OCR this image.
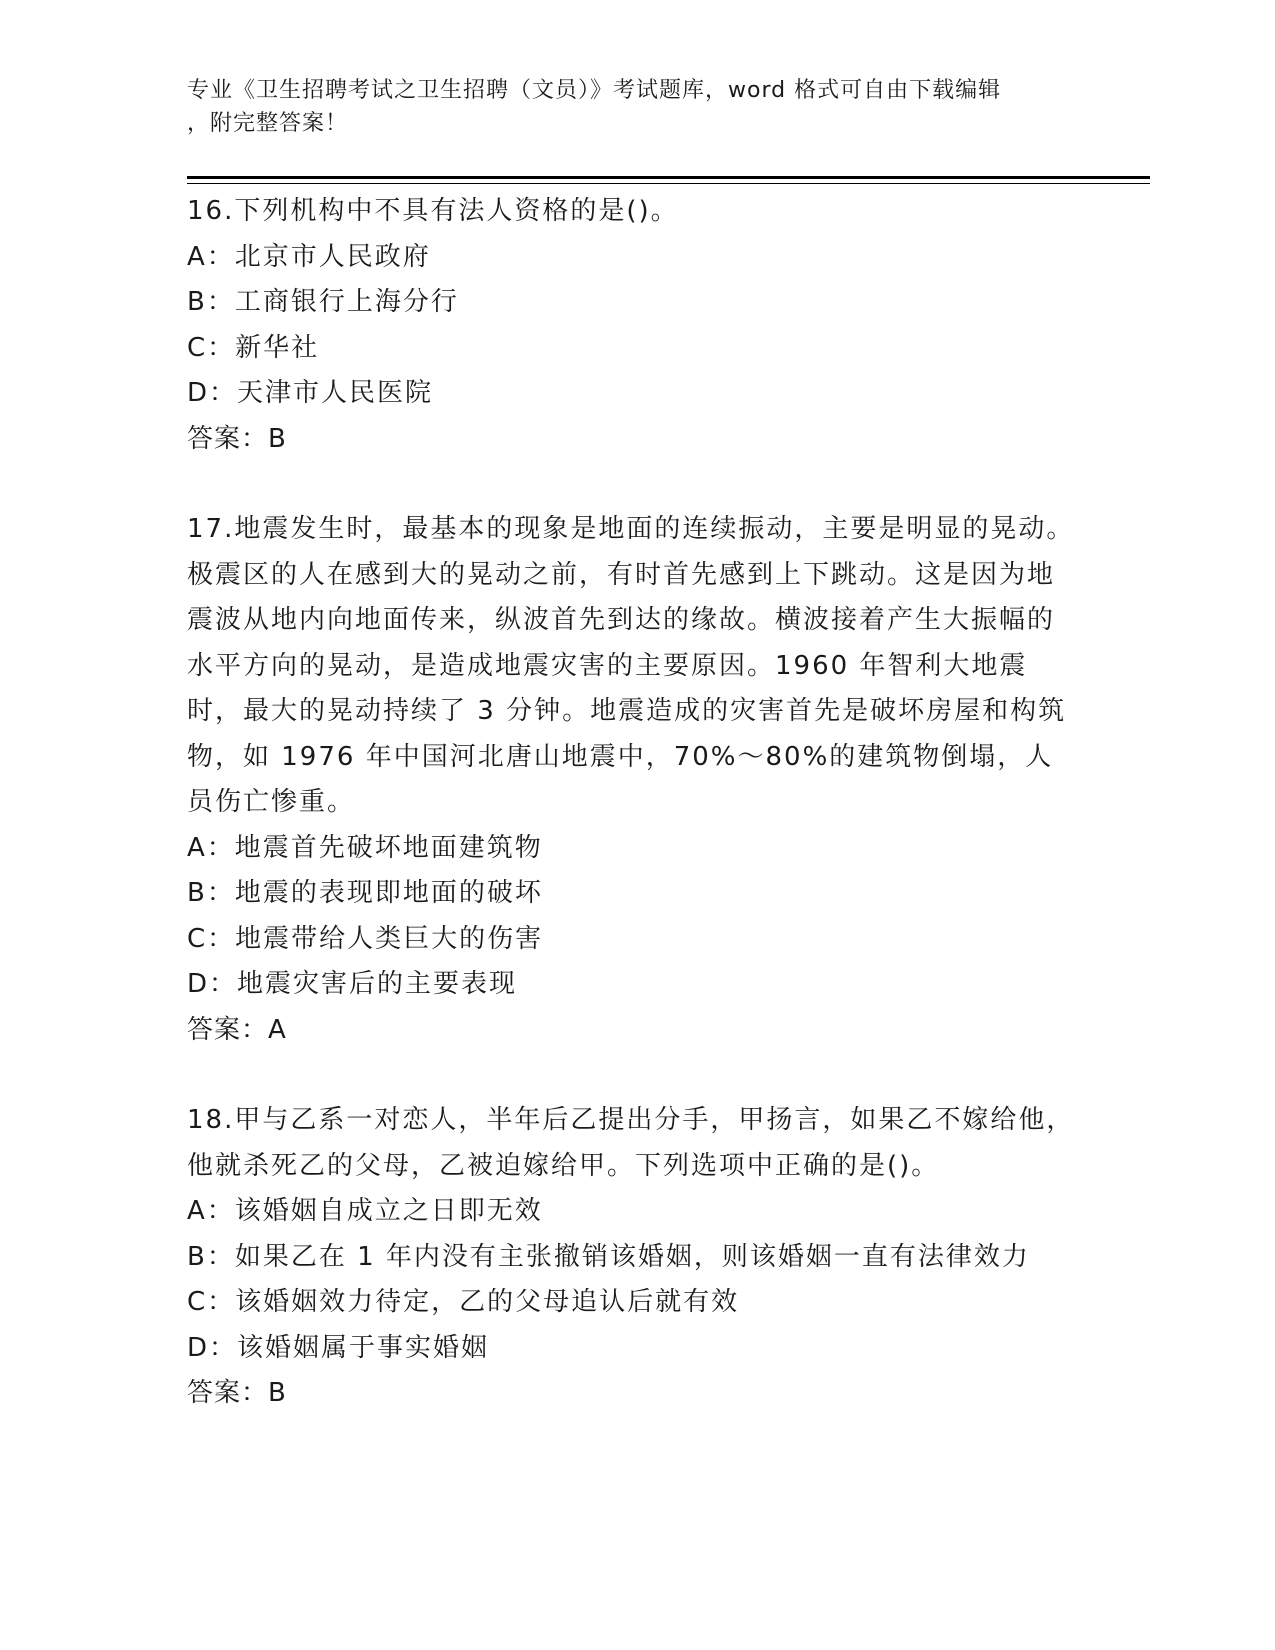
专业《卫生招聘考试之卫生招聘（文员）》考试题库，word 格式可自由下载编辑
，附完整答案！

16.下列机构中不具有法人资格的是()。

A：北京市人民政府

B：工商银行上海分行

C：新华社

D：天津市人民医院

答案：B

17.地震发生时，最基本的现象是地面的连续振动，主要是明显的晃动。极震区的人在感到大的晃动之前，有时首先感到上下跳动。这是因为地震波从地内向地面传来，纵波首先到达的缘故。横波接着产生大振幅的水平方向的晃动，是造成地震灾害的主要原因。1960 年智利大地震时，最大的晃动持续了 3 分钟。地震造成的灾害首先是破坏房屋和构筑物，如 1976 年中国河北唐山地震中，70%～80%的建筑物倒塌，人员伤亡惨重。

A：地震首先破坏地面建筑物

B：地震的表现即地面的破坏

C：地震带给人类巨大的伤害

D：地震灾害后的主要表现

答案：A

18.甲与乙系一对恋人，半年后乙提出分手，甲扬言，如果乙不嫁给他，他就杀死乙的父母，乙被迫嫁给甲。下列选项中正确的是()。

A：该婚姻自成立之日即无效

B：如果乙在 1 年内没有主张撤销该婚姻，则该婚姻一直有法律效力

C：该婚姻效力待定，乙的父母追认后就有效

D：该婚姻属于事实婚姻

答案：B
